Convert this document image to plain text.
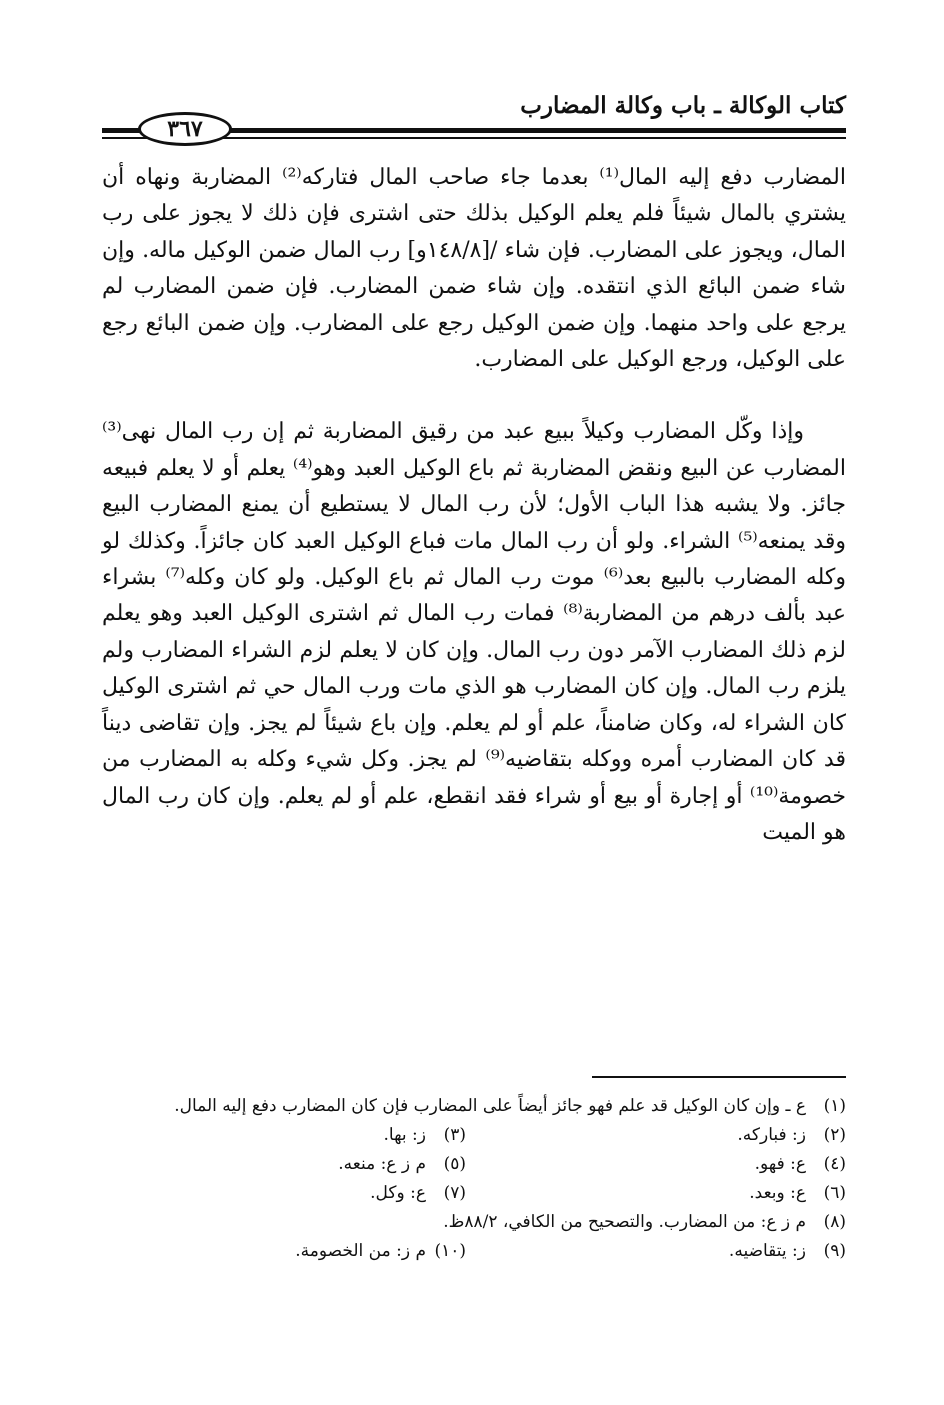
كتاب الوكالة ـ باب وكالة المضارب
٣٦٧

المضارب دفع إليه المال⁽¹⁾ بعدما جاء صاحب المال فتاركه⁽²⁾ المضاربة ونهاه أن يشتري بالمال شيئاً فلم يعلم الوكيل بذلك حتى اشترى فإن ذلك لا يجوز على رب المال، ويجوز على المضارب. فإن شاء /[١٤٨/٨و] رب المال ضمن الوكيل ماله. وإن شاء ضمن البائع الذي انتقده. وإن شاء ضمن المضارب. فإن ضمن المضارب لم يرجع على واحد منهما. وإن ضمن الوكيل رجع على المضارب. وإن ضمن البائع رجع على الوكيل، ورجع الوكيل على المضارب.

وإذا وكّل المضارب وكيلاً ببيع عبد من رقيق المضاربة ثم إن رب المال نهى⁽³⁾ المضارب عن البيع ونقض المضاربة ثم باع الوكيل العبد وهو⁽⁴⁾ يعلم أو لا يعلم فبيعه جائز. ولا يشبه هذا الباب الأول؛ لأن رب المال لا يستطيع أن يمنع المضارب البيع وقد يمنعه⁽⁵⁾ الشراء. ولو أن رب المال مات فباع الوكيل العبد كان جائزاً. وكذلك لو وكله المضارب بالبيع بعد⁽⁶⁾ موت رب المال ثم باع الوكيل. ولو كان وكله⁽⁷⁾ بشراء عبد بألف درهم من المضاربة⁽⁸⁾ فمات رب المال ثم اشترى الوكيل العبد وهو يعلم لزم ذلك المضارب الآمر دون رب المال. وإن كان لا يعلم لزم الشراء المضارب ولم يلزم رب المال. وإن كان المضارب هو الذي مات ورب المال حي ثم اشترى الوكيل كان الشراء له، وكان ضامناً، علم أو لم يعلم. وإن باع شيئاً لم يجز. وإن تقاضى ديناً قد كان المضارب أمره ووكله بتقاضيه⁽⁹⁾ لم يجز. وكل شيء وكله به المضارب من خصومة⁽¹⁰⁾ أو إجارة أو بيع أو شراء فقد انقطع، علم أو لم يعلم. وإن كان رب المال هو الميت

(١)
ع ـ وإن كان الوكيل قد علم فهو جائز أيضاً على المضارب فإن كان المضارب دفع إليه المال.
(٢)
ز: فباركه.
(٣)
ز: بها.
(٤)
ع: فهو.
(٥)
م ز ع: منعه.
(٦)
ع: وبعد.
(٧)
ع: وكل.
(٨)
م ز ع: من المضارب. والتصحيح من الكافي، ٨٨/٢ظ.
(٩)
ز: يتقاضيه.
(١٠)
م ز: من الخصومة.
